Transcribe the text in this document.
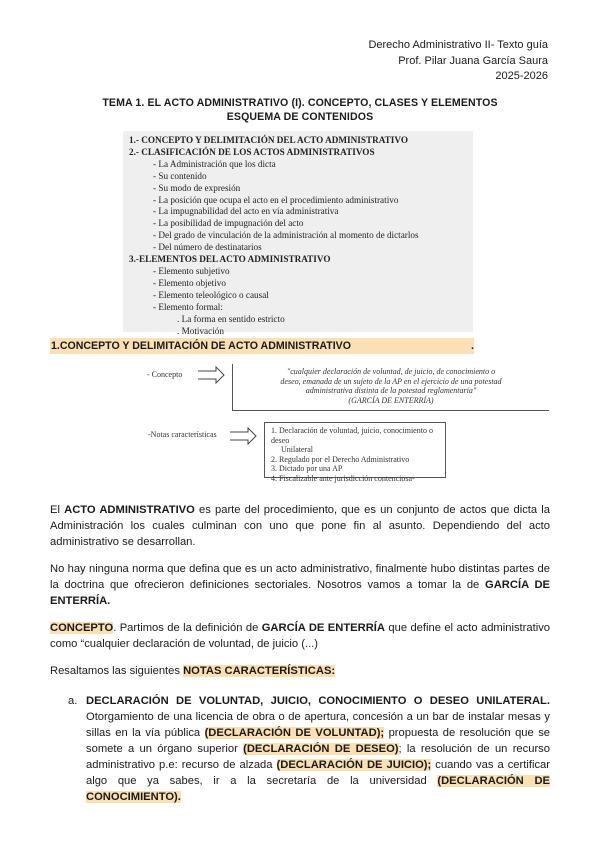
Derecho Administrativo II- Texto guía
Prof. Pilar Juana García Saura
2025-2026
TEMA 1. EL ACTO ADMINISTRATIVO (I). CONCEPTO, CLASES Y ELEMENTOS
ESQUEMA DE CONTENIDOS
1.- CONCEPTO Y DELIMITACIÓN DEL ACTO ADMINISTRATIVO
2.- CLASIFICACIÓN DE LOS ACTOS ADMINISTRATIVOS
- La Administración que los dicta
- Su contenido
- Su modo de expresión
- La posición que ocupa el acto en el procedimiento administrativo
- La impugnabilidad del acto en vía administrativa
- La posibilidad de impugnación del acto
- Del grado de vinculación de la administración al momento de dictarlos
- Del número de destinatarios
3.-ELEMENTOS DEL ACTO ADMINISTRATIVO
- Elemento subjetivo
- Elemento objetivo
- Elemento teleológico o causal
- Elemento formal:
. La forma en sentido estricto
. Motivación
1.CONCEPTO Y DELIMITACIÓN DE ACTO ADMINISTRATIVO	.
- Concepto	"cualquier declaración de voluntad, de juicio, de conocimiento o
deseo, emanada de un sujeto de la AP en el ejercicio de una potestad
administrativa distinta de la potestad reglamentaria"
(GARCÍA DE ENTERRÍA)
-Notas características	1. Declaración de voluntad, juicio, conocimiento o deseo
Unilateral
2. Regulado por el Derecho Administrativo
3. Dictado por una AP
4. Fiscalizable ante jurisdicción contenciosa-
El ACTO ADMINISTRATIVO es parte del procedimiento, que es un conjunto de actos que dicta la Administración los cuales culminan con uno que pone fin al asunto. Dependiendo del acto administrativo se desarrollan.
No hay ninguna norma que defina que es un acto administrativo, finalmente hubo distintas partes de la doctrina que ofrecieron definiciones sectoriales. Nosotros vamos a tomar la de GARCÍA DE ENTERRÍA.
CONCEPTO. Partimos de la definición de GARCÍA DE ENTERRÍA que define el acto administrativo como “cualquier declaración de voluntad, de juicio (...)
Resaltamos las siguientes NOTAS CARACTERÍSTICAS:
a. DECLARACIÓN DE VOLUNTAD, JUICIO, CONOCIMIENTO O DESEO UNILATERAL. Otorgamiento de una licencia de obra o de apertura, concesión a un bar de instalar mesas y sillas en la vía pública (DECLARACIÓN DE VOLUNTAD); propuesta de resolución que se somete a un órgano superior (DECLARACIÓN DE DESEO); la resolución de un recurso administrativo p.e: recurso de alzada (DECLARACIÓN DE JUICIO); cuando vas a certificar algo que ya sabes, ir a la secretaría de la universidad (DECLARACIÓN DE CONOCIMIENTO).
